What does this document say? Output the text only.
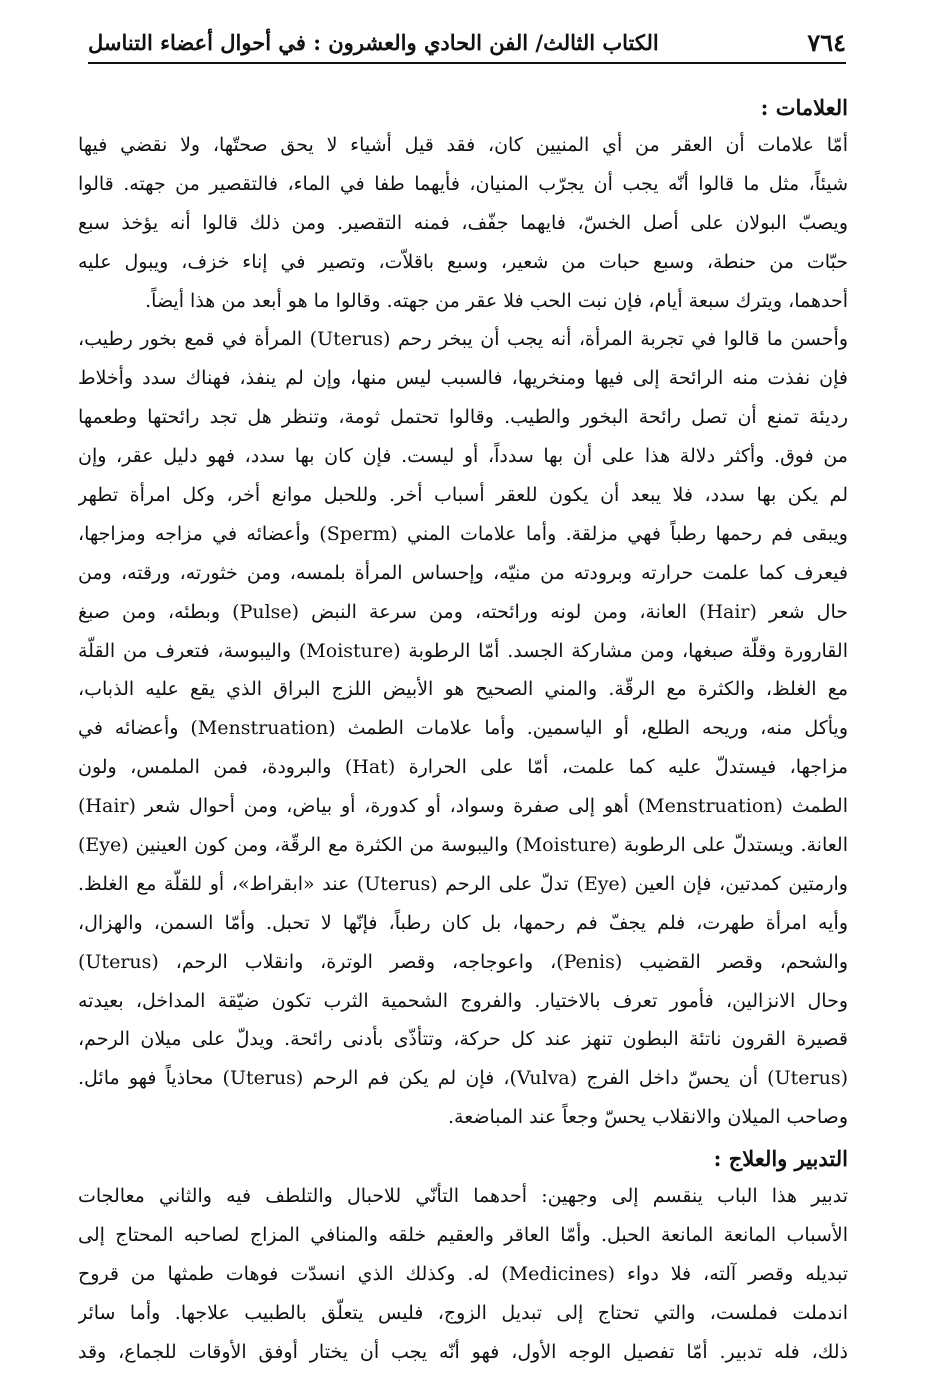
٧٦٤
الكتاب الثالث/ الفن الحادي والعشرون : في أحوال أعضاء التناسل
العلامات :
أمّا علامات أن العقر من أي المنيين كان، فقد قيل أشياء لا يحق صحتّها، ولا نقضي فيها
شيئاً، مثل ما قالوا أنّه يجب أن يجرّب المنيان، فأيهما طفا في الماء، فالتقصير من جهته. قالوا
ويصبّ البولان على أصل الخسّ، فايهما جفّف، فمنه التقصير. ومن ذلك قالوا أنه يؤخذ سبع
حبّات من حنطة، وسبع حبات من شعير، وسبع باقلاّت، وتصير في إناء خزف، ويبول عليه
أحدهما، ويترك سبعة أيام، فإن نبت الحب فلا عقر من جهته. وقالوا ما هو أبعد من هذا أيضاً.
وأحسن ما قالوا في تجربة المرأة، أنه يجب أن يبخر رحم (Uterus) المرأة في قمع بخور رطيب،
فإن نفذت منه الرائحة إلى فيها ومنخريها، فالسبب ليس منها، وإن لم ينفذ، فهناك سدد وأخلاط
رديئة تمنع أن تصل رائحة البخور والطيب. وقالوا تحتمل ثومة، وتنظر هل تجد رائحتها وطعمها
من فوق. وأكثر دلالة هذا على أن بها سدداً، أو ليست. فإن كان بها سدد، فهو دليل عقر، وإن
لم يكن بها سدد، فلا يبعد أن يكون للعقر أسباب أخر. وللحبل موانع أخر، وكل امرأة تطهر
ويبقى فم رحمها رطباً فهي مزلقة. وأما علامات المني (Sperm) وأعضائه في مزاجه ومزاجها،
فيعرف كما علمت حرارته وبرودته من منيّه، وإحساس المرأة بلمسه، ومن خثورته، ورقته، ومن
حال شعر (Hair) العانة، ومن لونه ورائحته، ومن سرعة النبض (Pulse) وبطئه، ومن صبغ
القارورة وقلّة صبغها، ومن مشاركة الجسد. أمّا الرطوبة (Moisture) واليبوسة، فتعرف من القلّة
مع الغلظ، والكثرة مع الرقّة. والمني الصحيح هو الأبيض اللزج البراق الذي يقع عليه الذباب،
ويأكل منه، وريحه الطلع، أو الياسمين. وأما علامات الطمث (Menstruation) وأعضائه في
مزاجها، فيستدلّ عليه كما علمت، أمّا على الحرارة (Hat) والبرودة، فمن الملمس، ولون
الطمث (Menstruation) أهو إلى صفرة وسواد، أو كدورة، أو بياض، ومن أحوال شعر (Hair)
العانة. ويستدلّ على الرطوبة (Moisture) واليبوسة من الكثرة مع الرقّة، ومن كون العينين (Eye)
وارمتين كمدتين، فإن العين (Eye) تدلّ على الرحم (Uterus) عند «ابقراط»، أو للقلّة مع الغلظ.
وأيه امرأة طهرت، فلم يجفّ فم رحمها، بل كان رطباً، فإنّها لا تحبل. وأمّا السمن، والهزال،
والشحم، وقصر القضيب (Penis)، واعوجاجه، وقصر الوترة، وانقلاب الرحم، (Uterus)
وحال الانزالين، فأمور تعرف بالاختيار. والفروج الشحمية الثرب تكون ضيّقة المداخل، بعيدته
قصيرة القرون ناتئة البطون تنهز عند كل حركة، وتتأذّى بأدنى رائحة. ويدلّ على ميلان الرحم،
(Uterus) أن يحسّ داخل الفرج (Vulva)، فإن لم يكن فم الرحم (Uterus) محاذياً فهو مائل.
وصاحب الميلان والانقلاب يحسّ وجعاً عند المباضعة.
التدبير والعلاج :
تدبير هذا الباب ينقسم إلى وجهين: أحدهما التأنّي للاحبال والتلطف فيه والثاني معالجات
الأسباب المانعة المانعة الحبل. وأمّا العاقر والعقيم خلقه والمنافي المزاج لصاحبه المحتاج إلى
تبديله وقصر آلته، فلا دواء (Medicines) له. وكذلك الذي انسدّت فوهات طمثها من قروح
اندملت فملست، والتي تحتاج إلى تبديل الزوج، فليس يتعلّق بالطبيب علاجها. وأما سائر
ذلك، فله تدبير. أمّا تفصيل الوجه الأول، فهو أنّه يجب أن يختار أوفق الأوقات للجماع، وقد
